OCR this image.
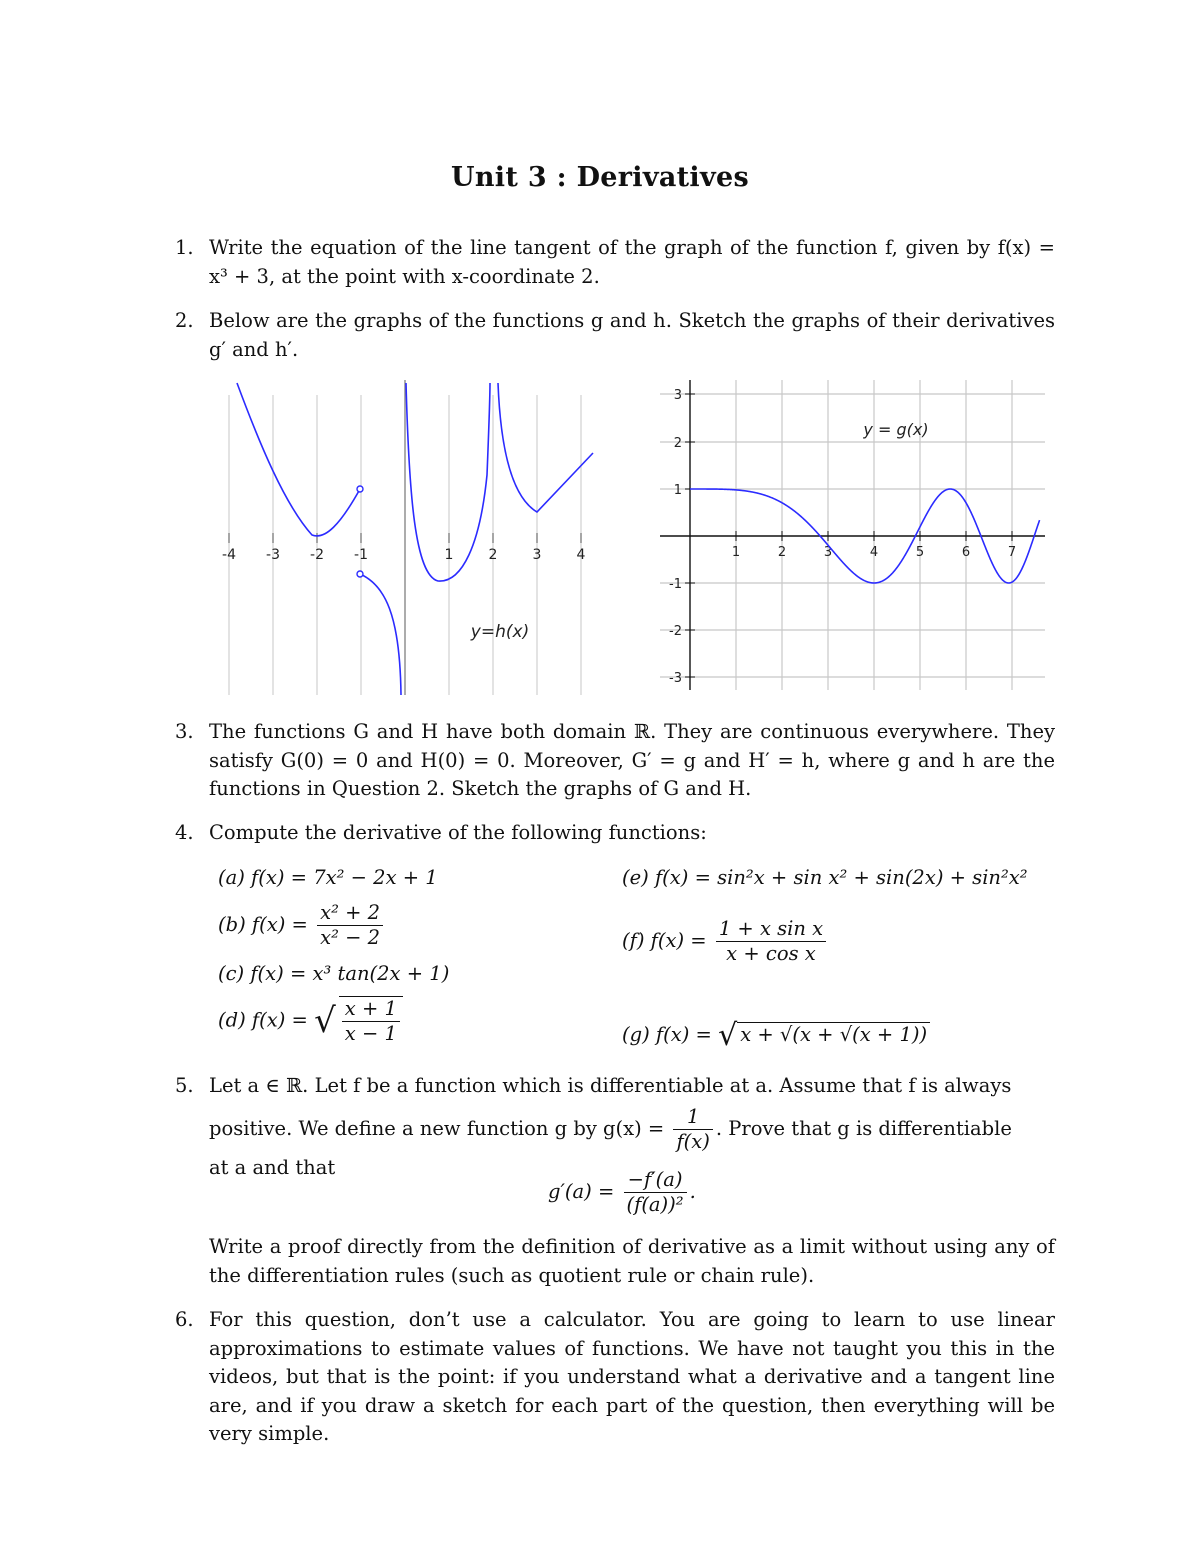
Unit 3 : Derivatives
1. Write the equation of the line tangent of the graph of the function f, given by f(x) = x³ + 3, at the point with x-coordinate 2.
2. Below are the graphs of the functions g and h. Sketch the graphs of their derivatives g′ and h′.
-4 -3 -2 -1	1	2	3	4
y=h(x)
1	2	3	4	5	6	7
3
2
1
-1
-2
-3
y = g(x)
3. The functions G and H have both domain ℝ. They are continuous everywhere. They satisfy G(0) = 0 and H(0) = 0. Moreover, G′ = g and H′ = h, where g and h are the functions in Question 2. Sketch the graphs of G and H.
4. Compute the derivative of the following functions:
(a) f(x) = 7x² − 2x + 1
(b) $f(x) = \frac{\text{x² + 2}}{\text{x² − 2}}$
(c) f(x) = x³ tan(2x + 1)
(d) f(x) = √ $\frac{x + 1}{x - 1}$
(e) f(x) = sin²x + sin x² + sin(2x) + sin²x²
(f) $f(x) = \frac{\text{1 + x sin x}}{\text{x + cos x}}$
(g) f(x) = √ x + √(x + √(x + 1))
5. Let a ∈ ℝ. Let f be a function which is differentiable at a. Assume that f is always
positive. We define a new function g by $g(x) = \frac{1}{f(x)}$ . Prove that g is differentiable
at a and that
$g'(a) = \frac{-f'(a)}{\text{(f(a))²}}$ .
Write a proof directly from the definition of derivative as a limit without using any of the differentiation rules (such as quotient rule or chain rule).
6. For this question, don’t use a calculator. You are going to learn to use linear approximations to estimate values of functions. We have not taught you this in the videos, but that is the point: if you understand what a derivative and a tangent line are, and if you draw a sketch for each part of the question, then everything will be very simple.
